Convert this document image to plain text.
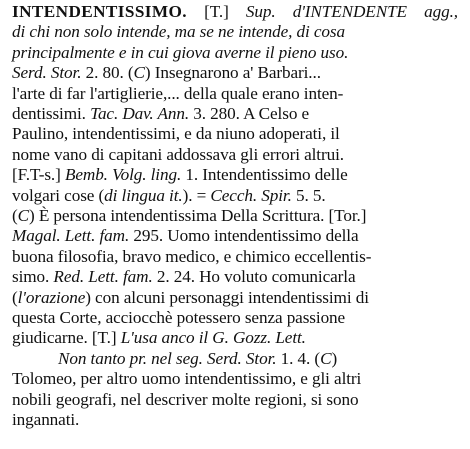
INTENDENTISSIMO. [T.] Sup. d'INTENDENTE agg.,
di chi non solo intende, ma se ne intende, di cosa
principalmente e in cui giova averne il pieno uso.
Serd. Stor. 2. 80. (C) Insegnarono a' Barbari...
l'arte di far l'artiglierie,... della quale erano inten-
dentissimi. Tac. Dav. Ann. 3. 280. A Celso e
Paulino, intendentissimi, e da niuno adoperati, il
nome vano di capitani addossava gli errori altrui.
[F.T-s.] Bemb. Volg. ling. 1. Intendentissimo delle
volgari cose (di lingua it.). = Cecch. Spir. 5. 5.
(C) È persona intendentissima Della Scrittura. [Tor.]
Magal. Lett. fam. 295. Uomo intendentissimo della
buona filosofia, bravo medico, e chimico eccellentis-
simo. Red. Lett. fam. 2. 24. Ho voluto comunicarla
(l'orazione) con alcuni personaggi intendentissimi di
questa Corte, acciocchè potessero senza passione
giudicarne. [T.] L'usa anco il G. Gozz. Lett.
Non tanto pr. nel seg. Serd. Stor. 1. 4. (C)
Tolomeo, per altro uomo intendentissimo, e gli altri
nobili geografi, nel descriver molte regioni, si sono
ingannati.
